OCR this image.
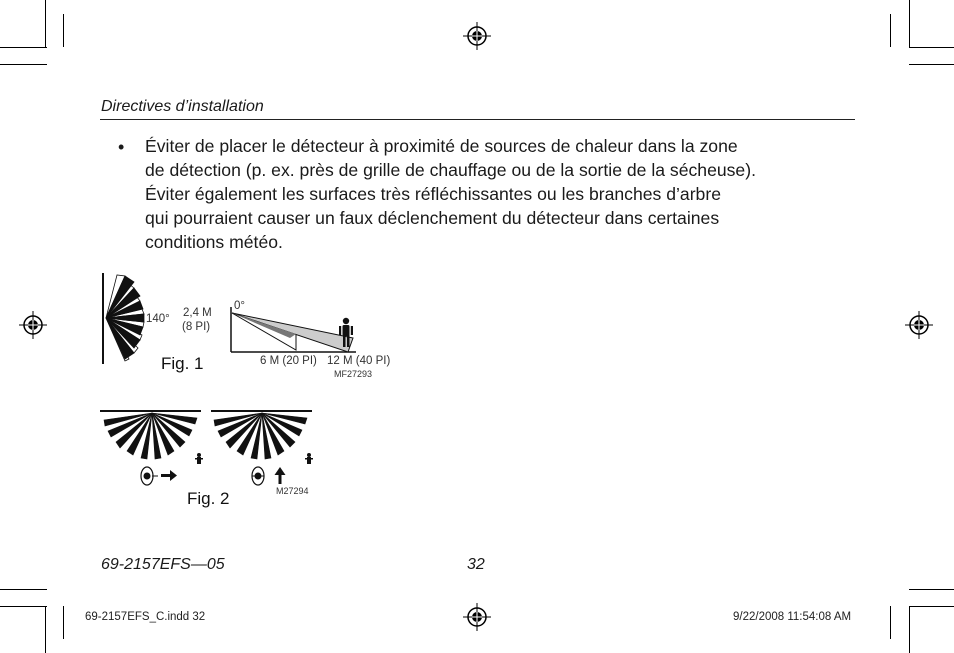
Directives d’installation
• Éviter de placer le détecteur à proximité de sources de chaleur dans la zone
de détection (p. ex. près de grille de chauffage ou de la sortie de la sécheuse).
Éviter également les surfaces très réfléchissantes ou les branches d’arbre
qui pourraient causer un faux déclenchement du détecteur dans certaines
conditions météo.
140° 2,4 M
(8 PI)
0°
6 M (20 PI) 12 M (40 PI)
MF27293
M27294
Fig. 1
Fig. 2
69-2157EFS—05	32
69-2157EFS_C.indd 32	9/22/2008 11:54:08 AM
